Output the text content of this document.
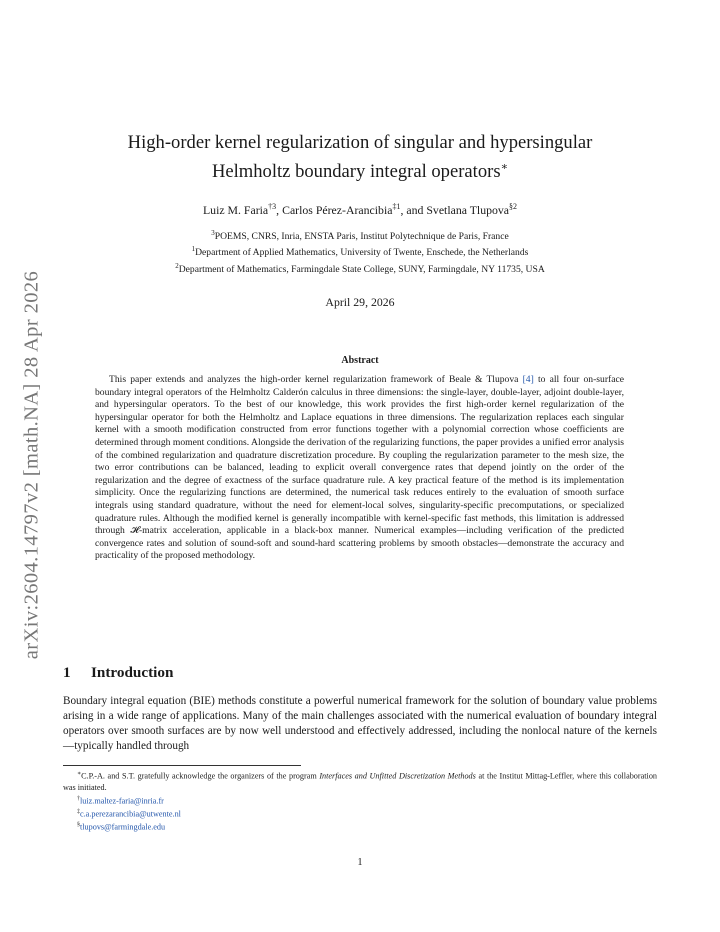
arXiv:2604.14797v2 [math.NA] 28 Apr 2026
High-order kernel regularization of singular and hypersingular
Helmholtz boundary integral operators∗
Luiz M. Faria$^{\dagger 3}$, Carlos Pérez-Arancibia$^{\ddagger 1}$, and Svetlana Tlupova$^{\S 2}$
$^3$POEMS, CNRS, Inria, ENSTA Paris, Institut Polytechnique de Paris, France
$^1$Department of Applied Mathematics, University of Twente, Enschede, the Netherlands
$^2$Department of Mathematics, Farmingdale State College, SUNY, Farmingdale, NY 11735, USA
April 29, 2026
Abstract
This paper extends and analyzes the high-order kernel regularization framework of Beale & Tlupova [4] to all four on-surface boundary integral operators of the Helmholtz Calderón calculus in three dimensions: the single-layer, double-layer, adjoint double-layer, and hypersingular operators. To the best of our knowledge, this work provides the first high-order kernel regularization of the hypersingular operator for both the Helmholtz and Laplace equations in three dimensions. The regularization replaces each singular kernel with a smooth modification constructed from error functions together with a polynomial correction whose coefficients are determined through moment conditions. Alongside the derivation of the regularizing functions, the paper provides a unified error analysis of the combined regularization and quadrature discretization procedure. By coupling the regularization parameter to the mesh size, the two error contributions can be balanced, leading to explicit overall convergence rates that depend jointly on the order of the regularization and the degree of exactness of the surface quadrature rule. A key practical feature of the method is its implementation simplicity. Once the regularizing functions are determined, the numerical task reduces entirely to the evaluation of smooth surface integrals using standard quadrature, without the need for element-local solves, singularity-specific precomputations, or specialized quadrature rules. Although the modified kernel is generally incompatible with kernel-specific fast methods, this limitation is addressed through 𝓗-matrix acceleration, applicable in a black-box manner. Numerical examples—including verification of the predicted convergence rates and solution of sound-soft and sound-hard scattering problems by smooth obstacles—demonstrate the accuracy and practicality of the proposed methodology.
1 Introduction
Boundary integral equation (BIE) methods constitute a powerful numerical framework for the solution of boundary value problems arising in a wide range of applications. Many of the main challenges associated with the numerical evaluation of boundary integral operators over smooth surfaces are by now well understood and effectively addressed, including the nonlocal nature of the kernels—typically handled through
∗C.P.-A. and S.T. gratefully acknowledge the organizers of the program Interfaces and Unfitted Discretization Methods at the Institut Mittag-Leffler, where this collaboration was initiated.
†luiz.maltez-faria@inria.fr
‡c.a.perezarancibia@utwente.nl
§tlupovs@farmingdale.edu
1
